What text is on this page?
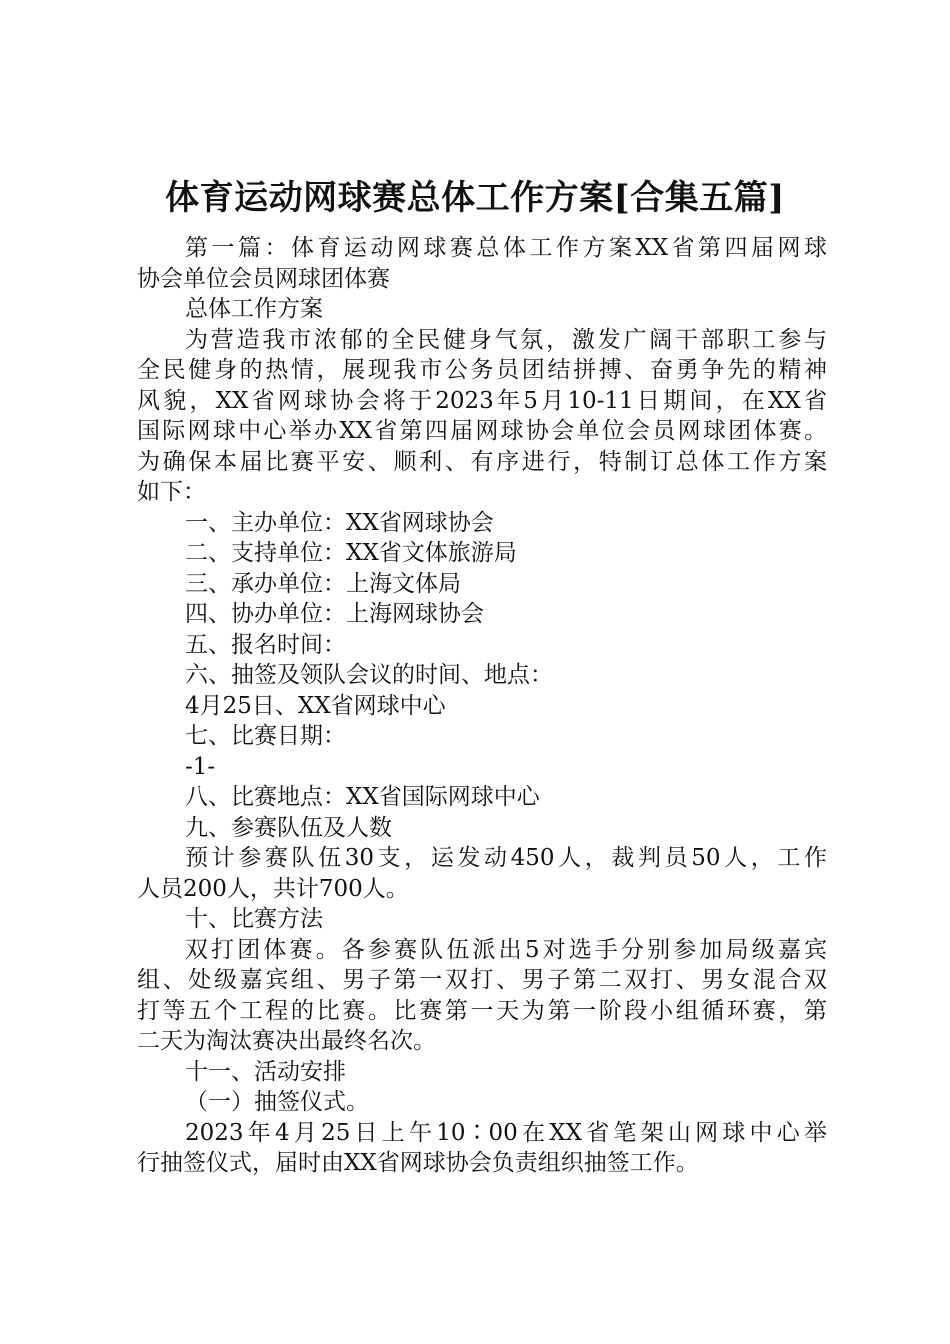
体育运动网球赛总体工作方案[合集五篇]

第一篇：体育运动网球赛总体工作方案XX省第四届网球

协会单位会员网球团体赛

总体工作方案

为营造我市浓郁的全民健身气氛，激发广阔干部职工参与

全民健身的热情，展现我市公务员团结拼搏、奋勇争先的精神

风貌，XX省网球协会将于2023年5月10-11日期间，在XX省

国际网球中心举办XX省第四届网球协会单位会员网球团体赛。

为确保本届比赛平安、顺利、有序进行，特制订总体工作方案

如下：

一、主办单位：XX省网球协会

二、支持单位：XX省文体旅游局

三、承办单位：上海文体局

四、协办单位：上海网球协会

五、报名时间：

六、抽签及领队会议的时间、地点：

4月25日、XX省网球中心

七、比赛日期：

-1-

八、比赛地点：XX省国际网球中心

九、参赛队伍及人数

预计参赛队伍30支，运发动450人，裁判员50人，工作

人员200人，共计700人。

十、比赛方法

双打团体赛。各参赛队伍派出5对选手分别参加局级嘉宾

组、处级嘉宾组、男子第一双打、男子第二双打、男女混合双

打等五个工程的比赛。比赛第一天为第一阶段小组循环赛，第

二天为淘汰赛决出最终名次。

十一、活动安排

（一）抽签仪式。

2023年4月25日上午10∶00在XX省笔架山网球中心举

行抽签仪式，届时由XX省网球协会负责组织抽签工作。
